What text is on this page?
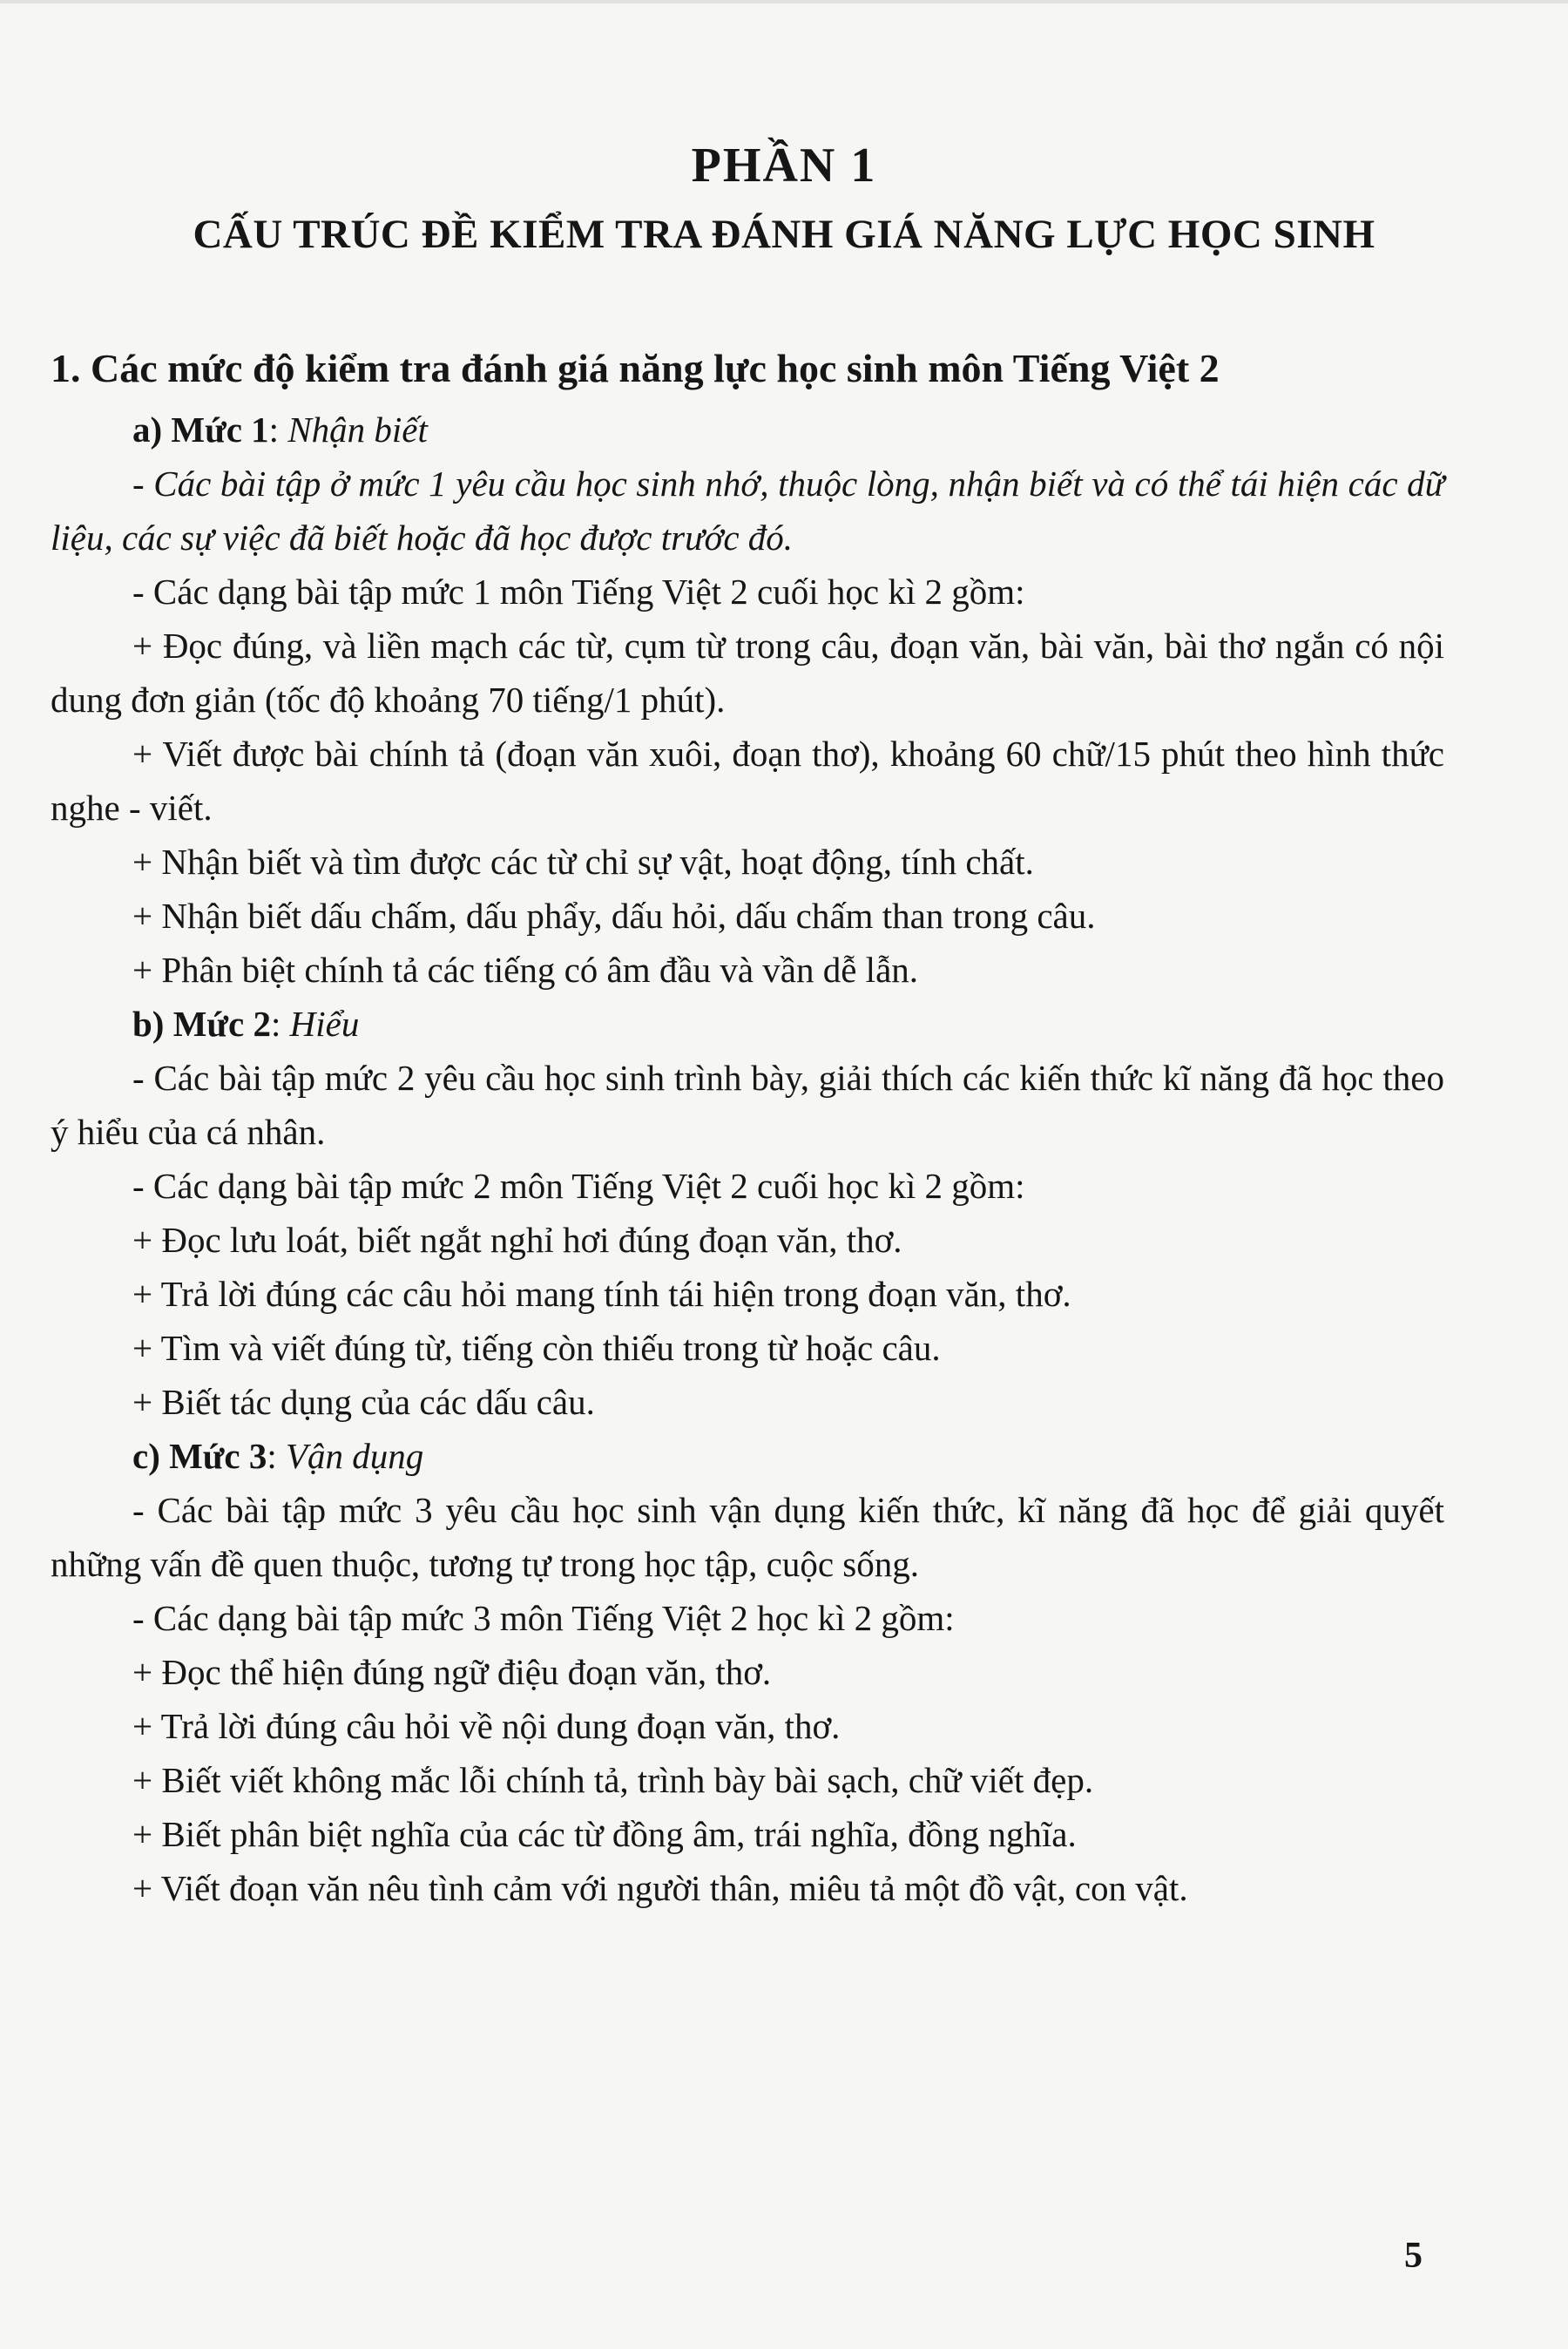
PHẦN 1
CẤU TRÚC ĐỀ KIỂM TRA ĐÁNH GIÁ NĂNG LỰC HỌC SINH

1. Các mức độ kiểm tra đánh giá năng lực học sinh môn Tiếng Việt 2

a) Mức 1: Nhận biết

- Các bài tập ở mức 1 yêu cầu học sinh nhớ, thuộc lòng, nhận biết và có thể tái hiện các dữ liệu, các sự việc đã biết hoặc đã học được trước đó.

- Các dạng bài tập mức 1 môn Tiếng Việt 2 cuối học kì 2 gồm:

+ Đọc đúng, và liền mạch các từ, cụm từ trong câu, đoạn văn, bài văn, bài thơ ngắn có nội dung đơn giản (tốc độ khoảng 70 tiếng/1 phút).

+ Viết được bài chính tả (đoạn văn xuôi, đoạn thơ), khoảng 60 chữ/15 phút theo hình thức nghe - viết.

+ Nhận biết và tìm được các từ chỉ sự vật, hoạt động, tính chất.

+ Nhận biết dấu chấm, dấu phẩy, dấu hỏi, dấu chấm than trong câu.

+ Phân biệt chính tả các tiếng có âm đầu và vần dễ lẫn.

b) Mức 2: Hiểu

- Các bài tập mức 2 yêu cầu học sinh trình bày, giải thích các kiến thức kĩ năng đã học theo ý hiểu của cá nhân.

- Các dạng bài tập mức 2 môn Tiếng Việt 2 cuối học kì 2 gồm:

+ Đọc lưu loát, biết ngắt nghỉ hơi đúng đoạn văn, thơ.

+ Trả lời đúng các câu hỏi mang tính tái hiện trong đoạn văn, thơ.

+ Tìm và viết đúng từ, tiếng còn thiếu trong từ hoặc câu.

+ Biết tác dụng của các dấu câu.

c) Mức 3: Vận dụng

- Các bài tập mức 3 yêu cầu học sinh vận dụng kiến thức, kĩ năng đã học để giải quyết những vấn đề quen thuộc, tương tự trong học tập, cuộc sống.

- Các dạng bài tập mức 3 môn Tiếng Việt 2 học kì 2 gồm:

+ Đọc thể hiện đúng ngữ điệu đoạn văn, thơ.

+ Trả lời đúng câu hỏi về nội dung đoạn văn, thơ.

+ Biết viết không mắc lỗi chính tả, trình bày bài sạch, chữ viết đẹp.

+ Biết phân biệt nghĩa của các từ đồng âm, trái nghĩa, đồng nghĩa.

+ Viết đoạn văn nêu tình cảm với người thân, miêu tả một đồ vật, con vật.

5
